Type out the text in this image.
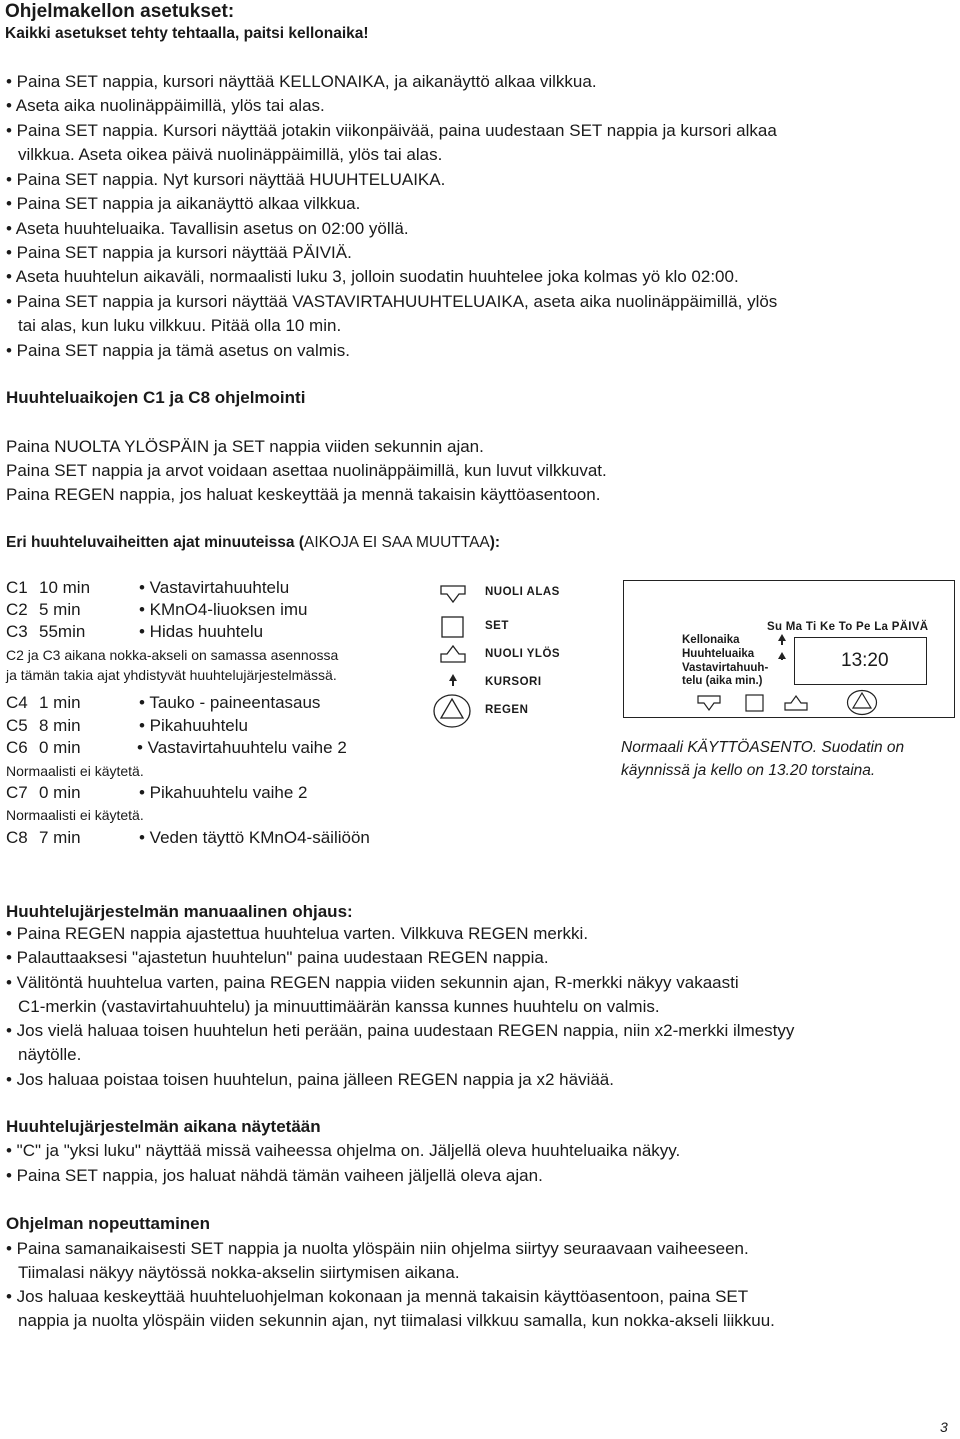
Ohjelmakellon asetukset:
Kaikki asetukset tehty tehtaalla, paitsi kellonaika!
• Paina SET nappia, kursori näyttää KELLONAIKA, ja aikanäyttö alkaa vilkkua.
• Aseta aika nuolinäppäimillä, ylös tai alas.
• Paina SET nappia. Kursori näyttää jotakin viikonpäivää, paina uudestaan SET nappia ja kursori alkaa
vilkkua. Aseta oikea päivä nuolinäppäimillä, ylös tai alas.
• Paina SET nappia. Nyt kursori näyttää HUUHTELUAIKA.
• Paina SET nappia ja aikanäyttö alkaa vilkkua.
• Aseta huuhteluaika. Tavallisin asetus on 02:00 yöllä.
• Paina SET nappia ja kursori näyttää PÄIVIÄ.
• Aseta huuhtelun aikaväli, normaalisti luku 3, jolloin suodatin huuhtelee joka kolmas yö klo 02:00.
• Paina SET nappia ja kursori näyttää VASTAVIRTAHUUHTELUAIKA, aseta aika nuolinäppäimillä, ylös
tai alas, kun luku vilkkuu. Pitää olla 10 min.
• Paina SET nappia ja tämä asetus on valmis.
Huuhteluaikojen C1 ja C8 ohjelmointi
Paina NUOLTA YLÖSPÄIN ja SET nappia viiden sekunnin ajan.
Paina SET nappia ja arvot voidaan asettaa nuolinäppäimillä, kun luvut vilkkuvat.
Paina REGEN nappia, jos haluat keskeyttää ja mennä takaisin käyttöasentoon.
Eri huuhteluvaiheitten ajat minuuteissa (AIKOJA EI SAA MUUTTAA):
C1 10 min	• Vastavirtahuuhtelu
C2 5 min	• KMnO4-liuoksen imu
C3 55min	• Hidas huuhtelu
C2 ja C3 aikana nokka-akseli on samassa asennossa
ja tämän takia ajat yhdistyvät huuhtelujärjestelmässä.
C4 1 min	• Tauko - paineentasaus
C5 8 min	• Pikahuuhtelu
C6 0 min	• Vastavirtahuuhtelu vaihe 2
Normaalisti ei käytetä.
C7 0 min	• Pikahuuhtelu vaihe 2
Normaalisti ei käytetä.
C8 7 min	• Veden täyttö KMnO4-säiliöön
NUOLI ALAS
SET
NUOLI YLÖS
KURSORI
REGEN
Su Ma Ti Ke To Pe La PÄIVÄ
Kellonaika
Huuhteluaika
Vastavirtahuuh-
telu (aika min.)
13:20
Normaali KÄYTTÖASENTO. Suodatin on
käynnissä ja kello on 13.20 torstaina.
Huuhtelujärjestelmän manuaalinen ohjaus:
• Paina REGEN nappia ajastettua huuhtelua varten. Vilkkuva REGEN merkki.
• Palauttaaksesi "ajastetun huuhtelun" paina uudestaan REGEN nappia.
• Välitöntä huuhtelua varten, paina REGEN nappia viiden sekunnin ajan, R-merkki näkyy vakaasti
C1-merkin (vastavirtahuuhtelu) ja minuuttimäärän kanssa kunnes huuhtelu on valmis.
• Jos vielä haluaa toisen huuhtelun heti perään, paina uudestaan REGEN nappia, niin x2-merkki ilmestyy
näytölle.
• Jos haluaa poistaa toisen huuhtelun, paina jälleen REGEN nappia ja x2 häviää.
Huuhtelujärjestelmän aikana näytetään
• "C" ja "yksi luku" näyttää missä vaiheessa ohjelma on. Jäljellä oleva huuhteluaika näkyy.
• Paina SET nappia, jos haluat nähdä tämän vaiheen jäljellä oleva ajan.
Ohjelman nopeuttaminen
• Paina samanaikaisesti SET nappia ja nuolta ylöspäin niin ohjelma siirtyy seuraavaan vaiheeseen.
Tiimalasi näkyy näytössä nokka-akselin siirtymisen aikana.
• Jos haluaa keskeyttää huuhteluohjelman kokonaan ja mennä takaisin käyttöasentoon, paina SET
nappia ja nuolta ylöspäin viiden sekunnin ajan, nyt tiimalasi vilkkuu samalla, kun nokka-akseli liikkuu.
3
